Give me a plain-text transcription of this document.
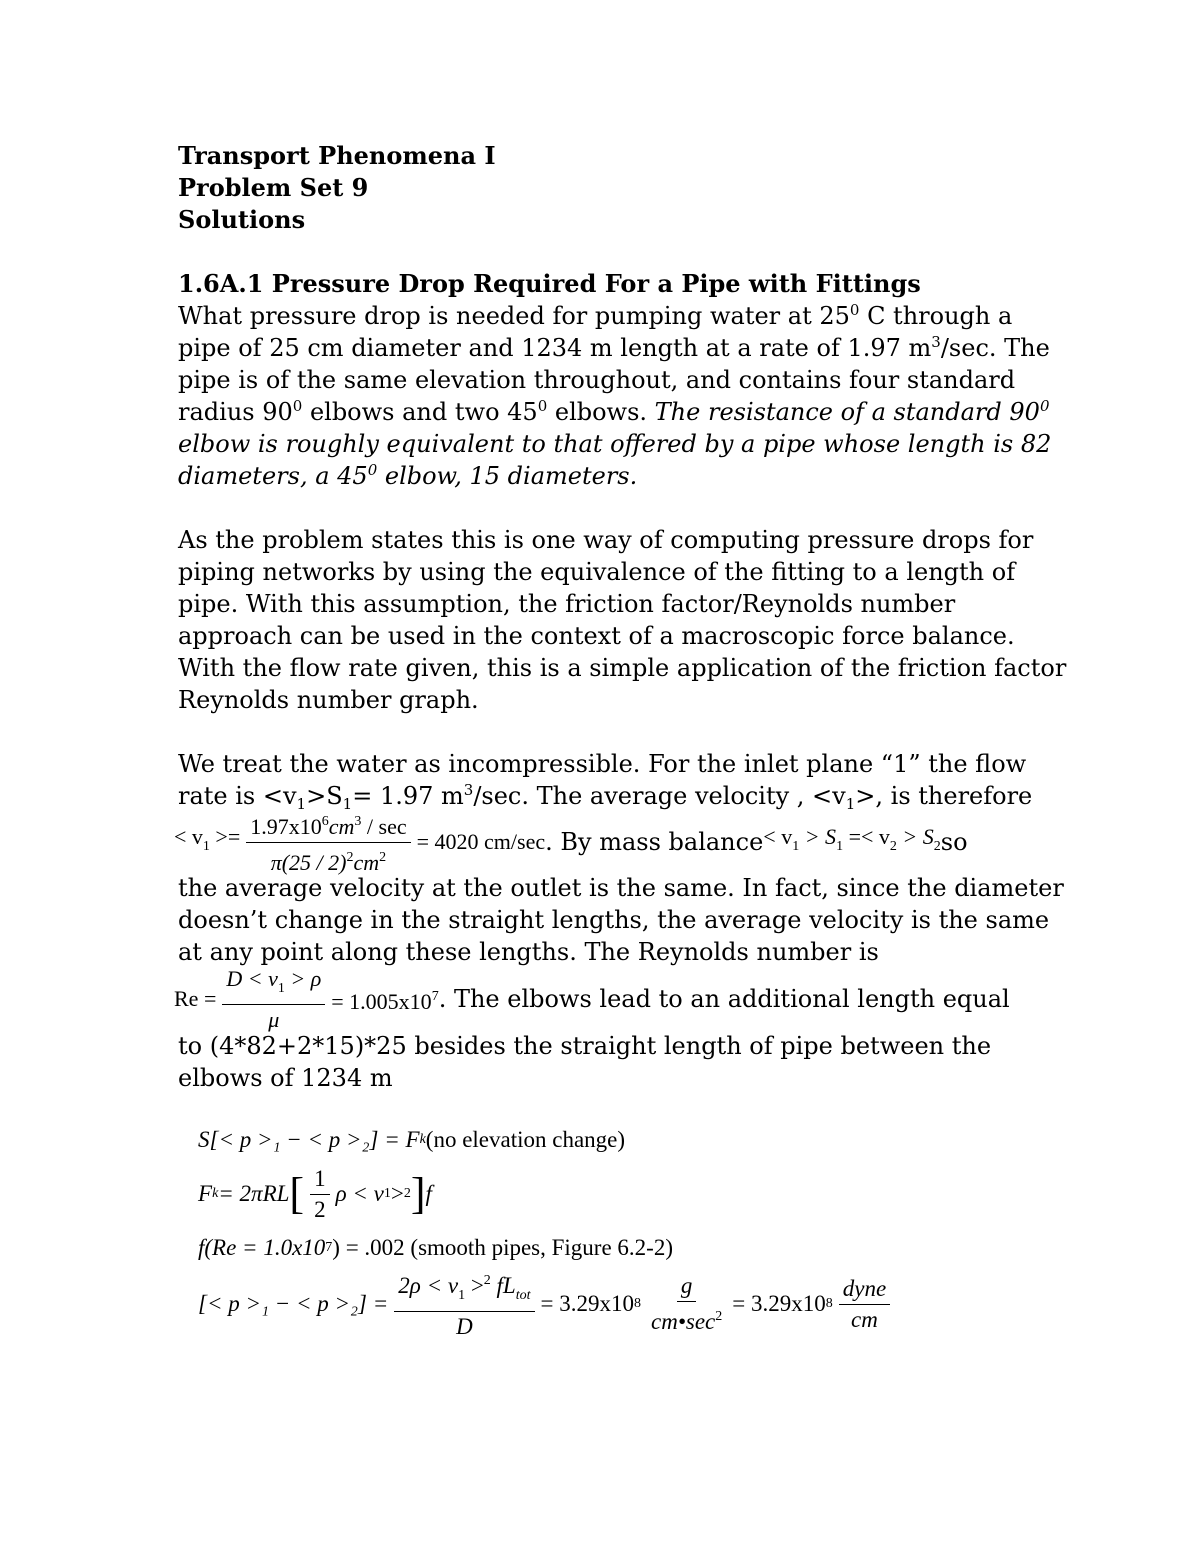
Transport Phenomena I
Problem Set 9
Solutions
1.6A.1 Pressure Drop Required For a Pipe with Fittings
What pressure drop is needed for pumping water at $25^0$ C through a
pipe of 25 cm diameter and 1234 m length at a rate of 1.97 $m^3/\sec$. The
pipe is of the same elevation throughout, and contains four standard
radius $90^0$ elbows and two $45^0$ elbows. The resistance of a standard $90^0$
elbow is roughly equivalent to that offered by a pipe whose length is 82
diameters, a $45^0$ elbow, 15 diameters.
As the problem states this is one way of computing pressure drops for
piping networks by using the equivalence of the fitting to a length of
pipe. With this assumption, the friction factor/Reynolds number
approach can be used in the context of a macroscopic force balance.
With the flow rate given, this is a simple application of the friction factor
Reynolds number graph.
We treat the water as incompressible. For the inlet plane “1” the flow
rate is $<v_1>S_1= 1.97$ $m^3/\sec$. The average velocity , $<v_1>$, is therefore
< $v_1 >= \frac{1.97x10^6cm^3 / \sec}{\pi(25 / 2)^2cm^2} = 4020$ cm/sec . By mass balance < $v_1 > S_1 =< v_2 > S_2$ so
the average velocity at the outlet is the same. In fact, since the diameter
doesn’t change in the straight lengths, the average velocity is the same
at any point along these lengths. The Reynolds number is
$Re = \frac{D < v_1 > \rho}{\mu} = 1.005x10^7$ . The elbows lead to an additional length equal
to (4*82+2*15)*25 besides the straight length of pipe between the
elbows of 1234 m
S[< p >₁ − < p >₂] = F k (no elevation change)
F k = 2πRL [ $\frac{1}{2}$ ρ < v 1 > 2 ] f
f(Re = 1.0x10 7 ) = .002 (smooth pipes, Figure 6.2-2)
[< p >₁ − < $p >_2] = \frac{2\rho < v_1 >^2 fL_{tot}}{D} = 3.29x10$ $8 \frac{g}{cm•\sec^2} = 3.29x10$ $8 \frac{\text{dyne}}{cm}$
